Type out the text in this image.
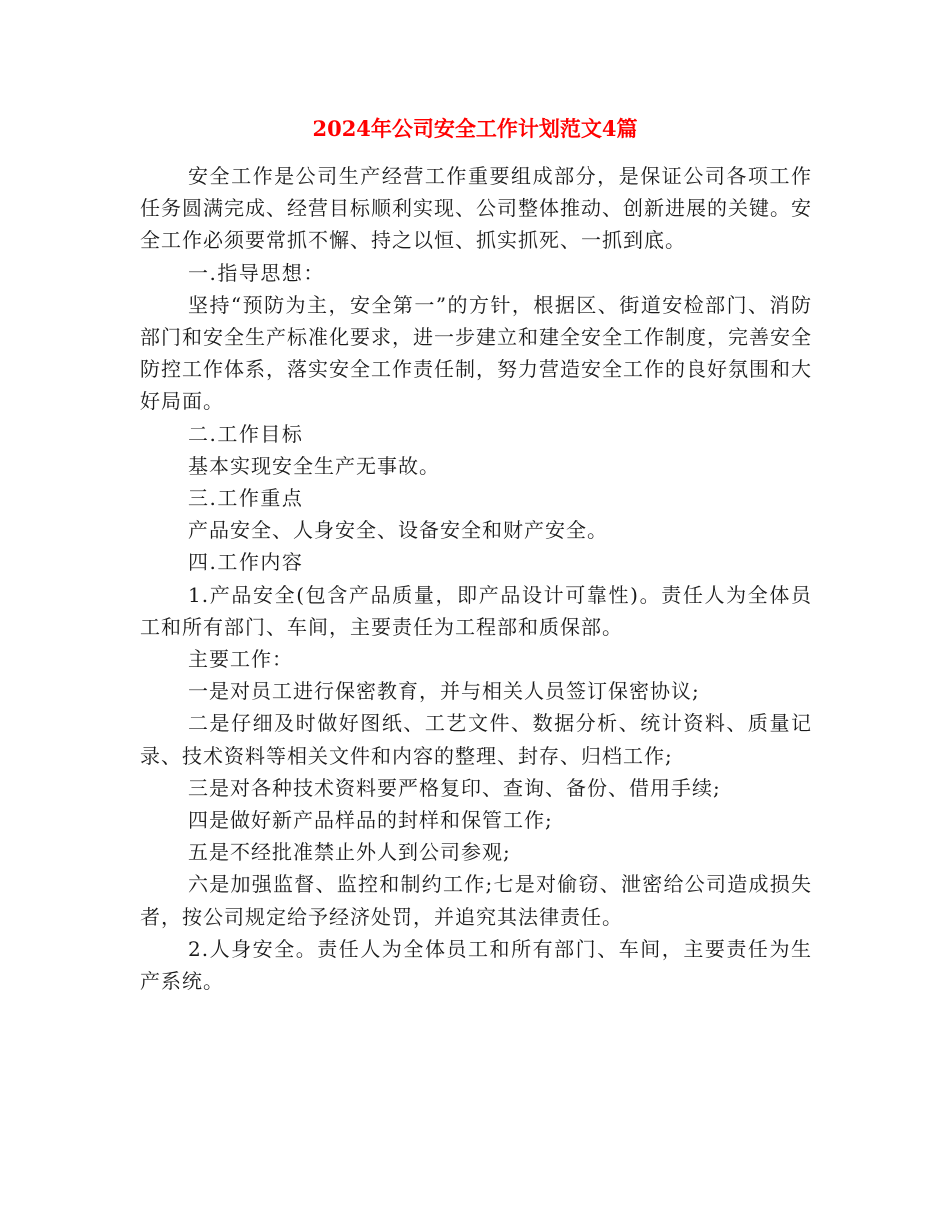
2024年公司安全工作计划范文4篇

安全工作是公司生产经营工作重要组成部分，是保证公司各项工作任务圆满完成、经营目标顺利实现、公司整体推动、创新进展的关键。安全工作必须要常抓不懈、持之以恒、抓实抓死、一抓到底。

一.指导思想：

坚持“预防为主，安全第一”的方针，根据区、街道安检部门、消防部门和安全生产标准化要求，进一步建立和建全安全工作制度，完善安全防控工作体系，落实安全工作责任制，努力营造安全工作的良好氛围和大好局面。

二.工作目标

基本实现安全生产无事故。

三.工作重点

产品安全、人身安全、设备安全和财产安全。

四.工作内容

1.产品安全(包含产品质量，即产品设计可靠性)。责任人为全体员工和所有部门、车间，主要责任为工程部和质保部。

主要工作：

一是对员工进行保密教育，并与相关人员签订保密协议;

二是仔细及时做好图纸、工艺文件、数据分析、统计资料、质量记录、技术资料等相关文件和内容的整理、封存、归档工作;

三是对各种技术资料要严格复印、查询、备份、借用手续;

四是做好新产品样品的封样和保管工作;

五是不经批准禁止外人到公司参观;

六是加强监督、监控和制约工作;七是对偷窃、泄密给公司造成损失者，按公司规定给予经济处罚，并追究其法律责任。

2.人身安全。责任人为全体员工和所有部门、车间，主要责任为生产系统。
